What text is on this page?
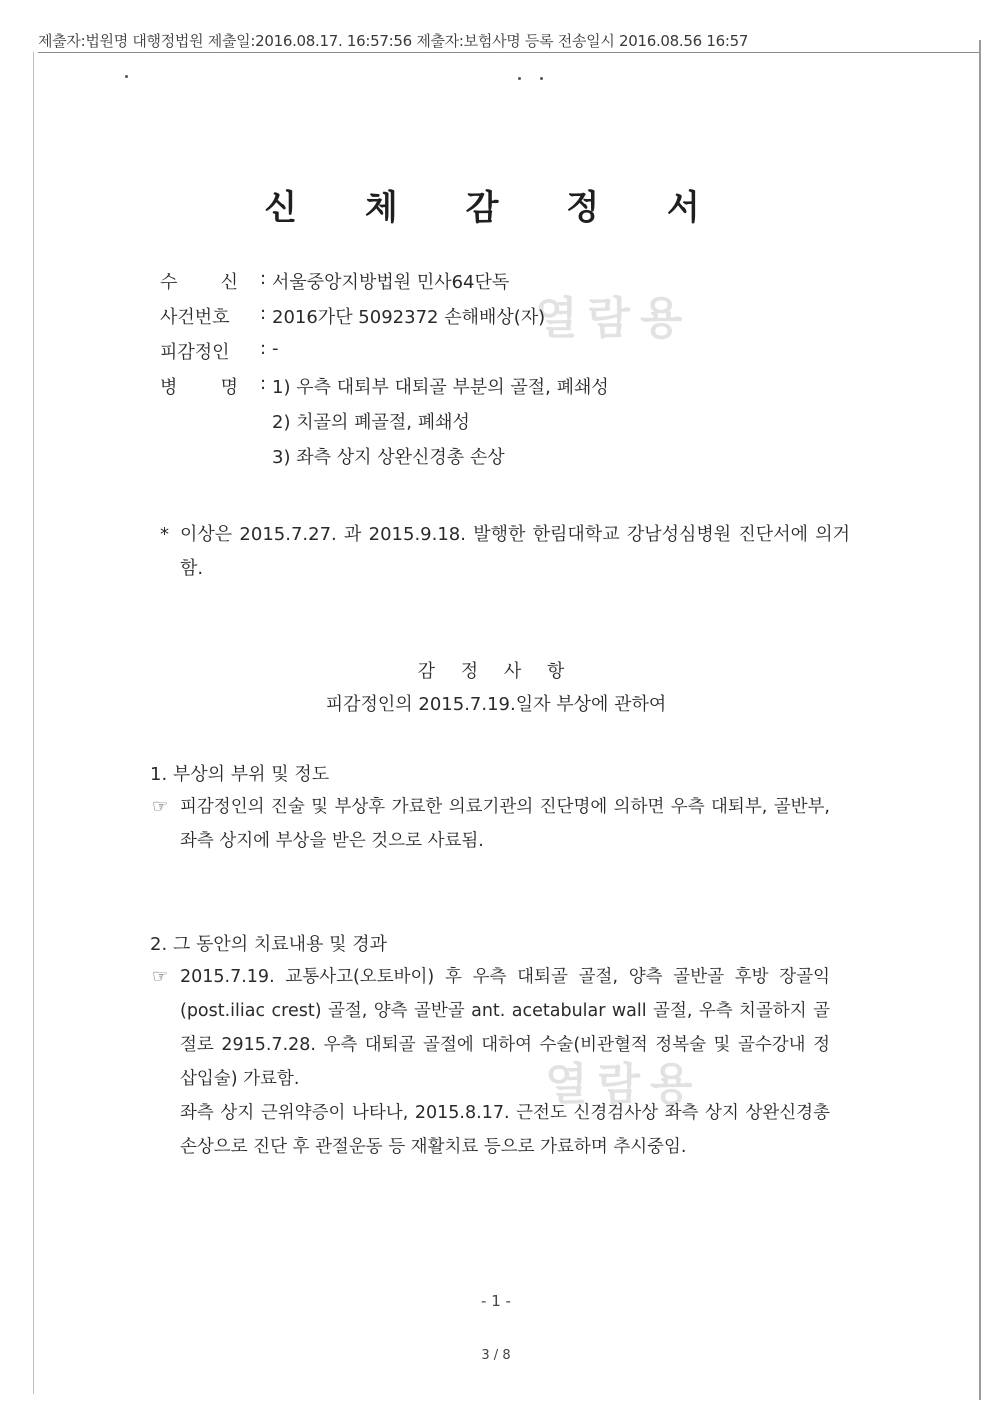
제출자:법원명 대행정법원 제출일:2016.08.17. 16:57:56 제출자:보험사명 등록 전송일시 2016.08.56 16:57
신 체 감 정 서
열람용
열람용
수 신 : 서울중앙지방법원 민사64단독
사건번호	: 2016가단 5092372 손해배상(자)
피감정인	: -
병 명 : 1) 우측 대퇴부 대퇴골 부분의 골절, 폐쇄성
2) 치골의 폐골절, 폐쇄성
3) 좌측 상지 상완신경총 손상
* 이상은 2015.7.27. 과 2015.9.18. 발행한 한림대학교 강남성심병원 진단서에 의거함.
감 정 사 항
피감정인의 2015.7.19.일자 부상에 관하여
1. 부상의 부위 및 정도
☞ 피감정인의 진술 및 부상후 가료한 의료기관의 진단명에 의하면 우측 대퇴부, 골반부, 좌측 상지에 부상을 받은 것으로 사료됨.
2. 그 동안의 치료내용 및 경과
☞ 2015.7.19. 교통사고(오토바이) 후 우측 대퇴골 골절, 양측 골반골 후방 장골익(post.iliac crest) 골절, 양측 골반골 ant. acetabular wall 골절, 우측 치골하지 골절로 2915.7.28. 우측 대퇴골 골절에 대하여 수술(비관혈적 정복술 및 골수강내 정 삽입술) 가료함.
좌측 상지 근위약증이 나타나, 2015.8.17. 근전도 신경검사상 좌측 상지 상완신경총 손상으로 진단 후 관절운동 등 재활치료 등으로 가료하며 추시중임.
- 1 -
3 / 8
